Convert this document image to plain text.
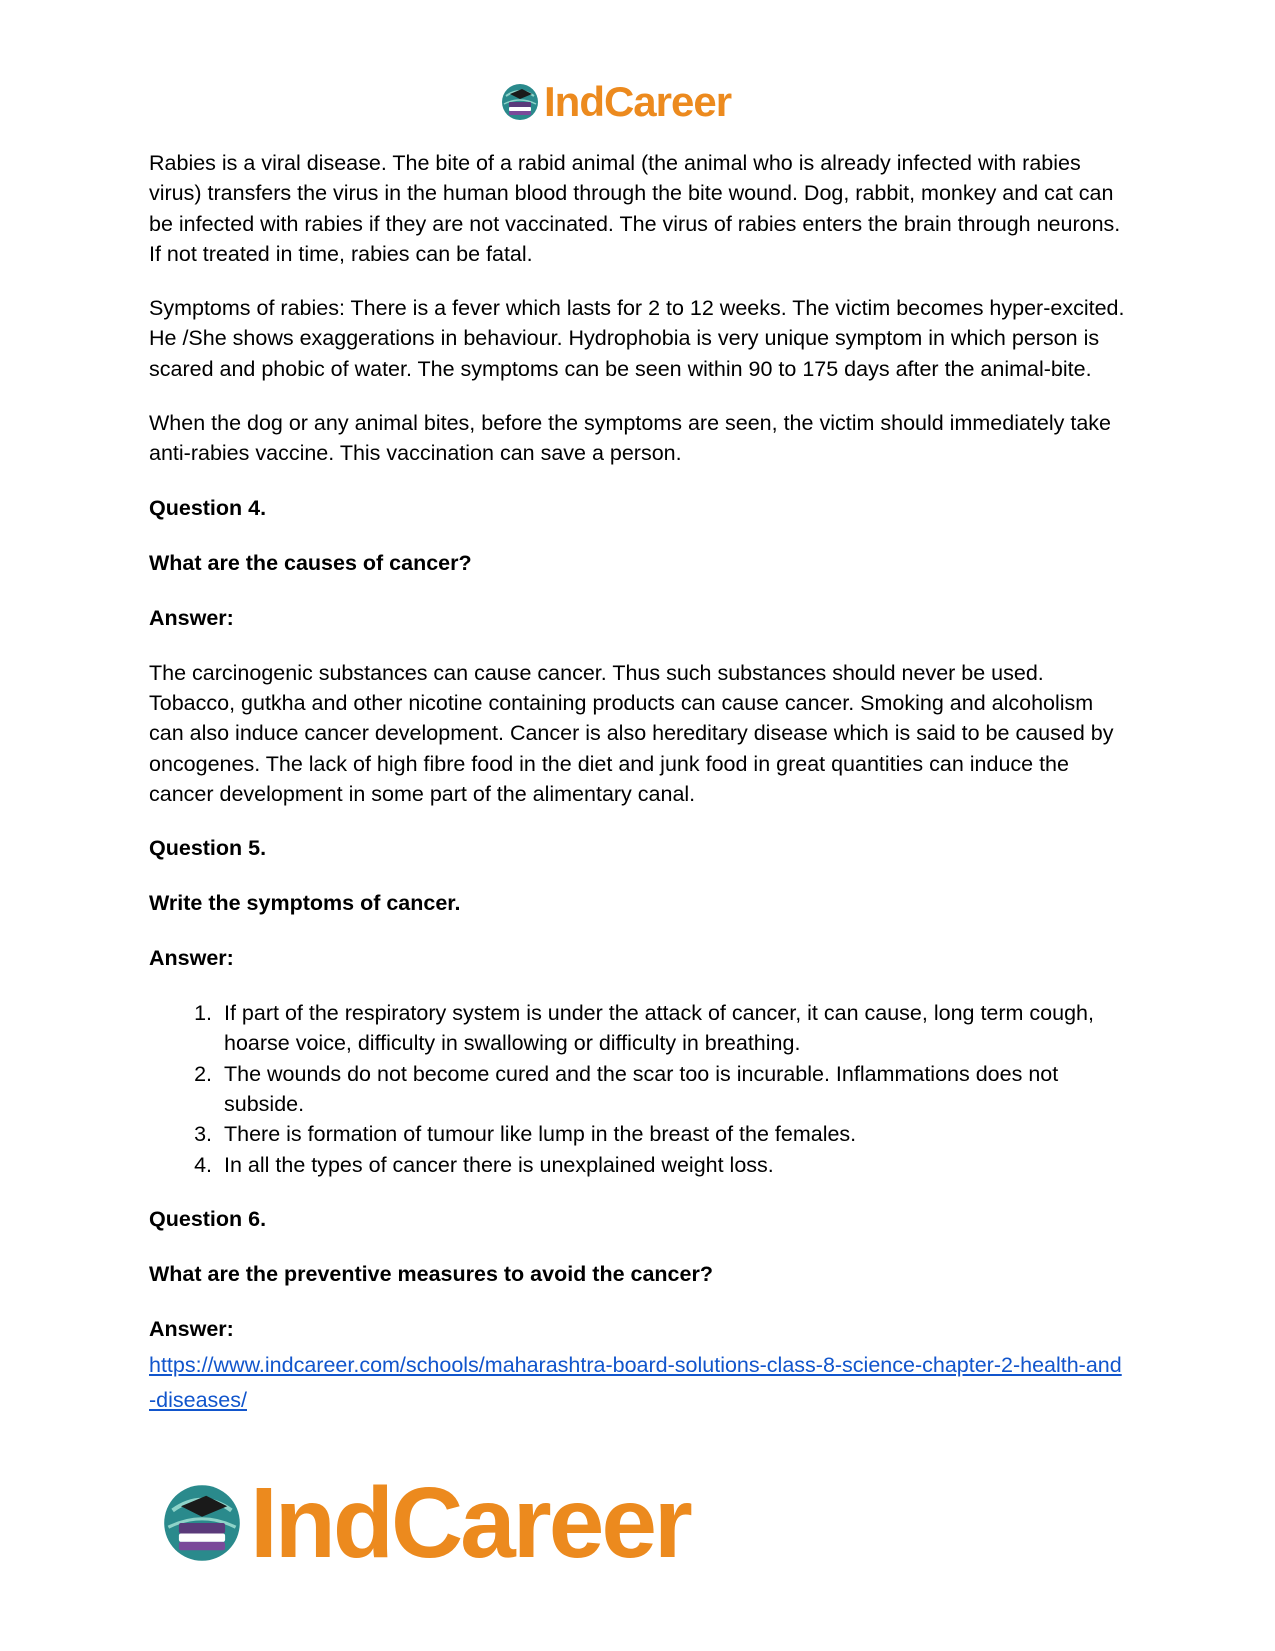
IndCareer

Rabies is a viral disease. The bite of a rabid animal (the animal who is already infected with rabies virus) transfers the virus in the human blood through the bite wound. Dog, rabbit, monkey and cat can be infected with rabies if they are not vaccinated. The virus of rabies enters the brain through neurons. If not treated in time, rabies can be fatal.

Symptoms of rabies: There is a fever which lasts for 2 to 12 weeks. The victim becomes hyper-excited. He /She shows exaggerations in behaviour. Hydrophobia is very unique symptom in which person is scared and phobic of water. The symptoms can be seen within 90 to 175 days after the animal-bite.

When the dog or any animal bites, before the symptoms are seen, the victim should immediately take anti-rabies vaccine. This vaccination can save a person.

Question 4.

What are the causes of cancer?

Answer:

The carcinogenic substances can cause cancer. Thus such substances should never be used. Tobacco, gutkha and other nicotine containing products can cause cancer. Smoking and alcoholism can also induce cancer development. Cancer is also hereditary disease which is said to be caused by oncogenes. The lack of high fibre food in the diet and junk food in great quantities can induce the cancer development in some part of the alimentary canal.

Question 5.

Write the symptoms of cancer.

Answer:

1. If part of the respiratory system is under the attack of cancer, it can cause, long term cough, hoarse voice, difficulty in swallowing or difficulty in breathing.
2. The wounds do not become cured and the scar too is incurable. Inflammations does not subside.
3. There is formation of tumour like lump in the breast of the females.
4. In all the types of cancer there is unexplained weight loss.

Question 6.

What are the preventive measures to avoid the cancer?

Answer:

https://www.indcareer.com/schools/maharashtra-board-solutions-class-8-science-chapter-2-health-and-diseases/
IndCareer
